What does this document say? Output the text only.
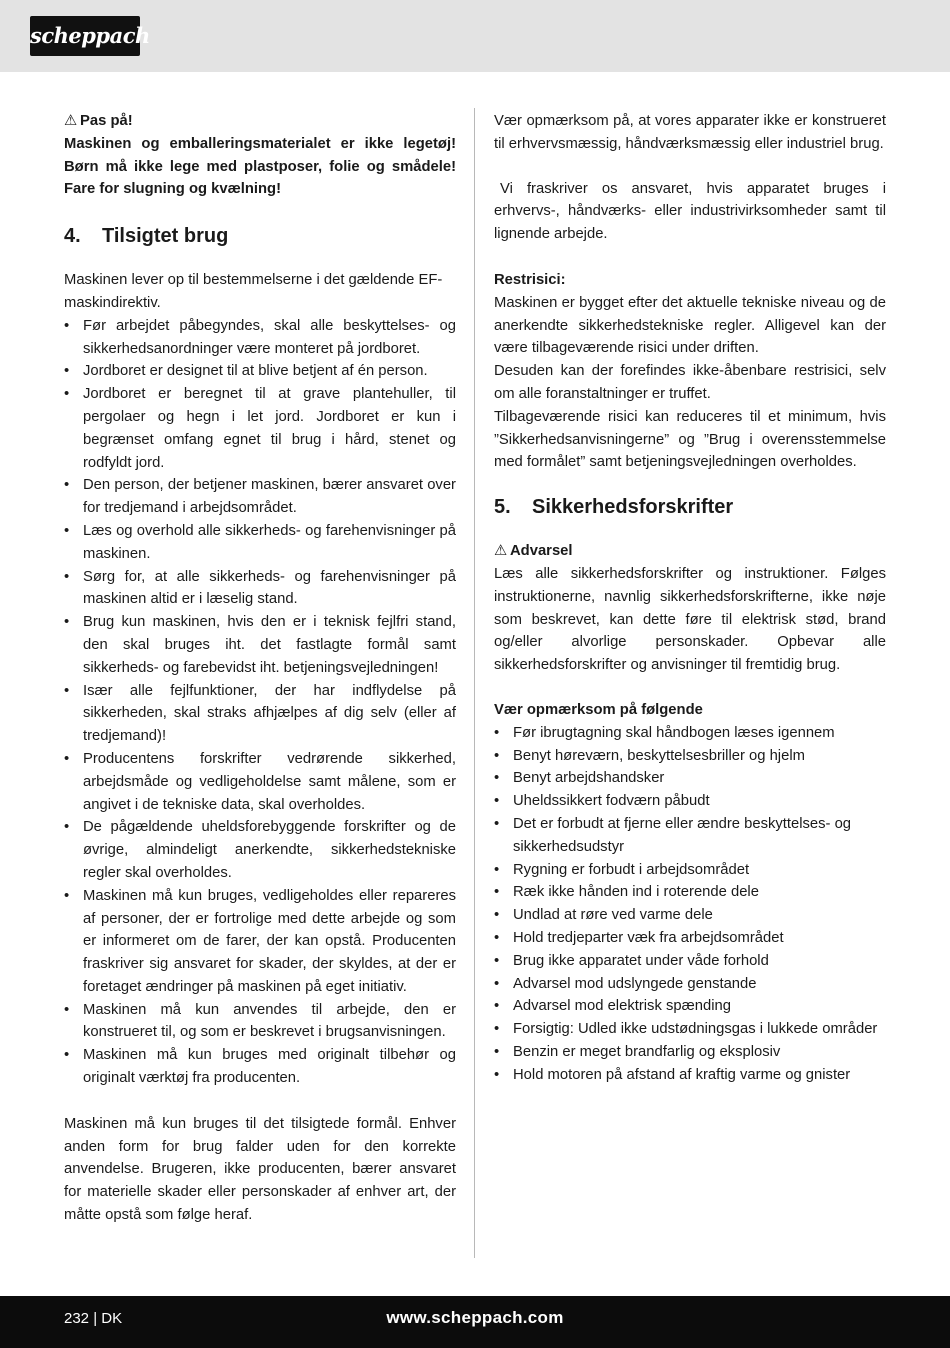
scheppach
⚠ Pas på!

Maskinen og emballeringsmaterialet er ikke legetøj! Børn må ikke lege med plastposer, folie og smådele! Fare for slugning og kvælning!

4. Tilsigtet brug

Maskinen lever op til bestemmelserne i det gældende EF-maskindirektiv.

• Før arbejdet påbegyndes, skal alle beskyttelses- og sikkerhedsanordninger være monteret på jordboret.
• Jordboret er designet til at blive betjent af én person.
• Jordboret er beregnet til at grave plantehuller, til pergolaer og hegn i let jord. Jordboret er kun i begrænset omfang egnet til brug i hård, stenet og rodfyldt jord.
• Den person, der betjener maskinen, bærer ansvaret over for tredjemand i arbejdsområdet.
• Læs og overhold alle sikkerheds- og farehenvisninger på maskinen.
• Sørg for, at alle sikkerheds- og farehenvisninger på maskinen altid er i læselig stand.
• Brug kun maskinen, hvis den er i teknisk fejlfri stand, den skal bruges iht. det fastlagte formål samt sikkerheds- og farebevidst iht. betjeningsvejledningen!
• Især alle fejlfunktioner, der har indflydelse på sikkerheden, skal straks afhjælpes af dig selv (eller af tredjemand)!
• Producentens forskrifter vedrørende sikkerhed, arbejdsmåde og vedligeholdelse samt målene, som er angivet i de tekniske data, skal overholdes.
• De pågældende uheldsforebyggende forskrifter og de øvrige, almindeligt anerkendte, sikkerhedstekniske regler skal overholdes.
• Maskinen må kun bruges, vedligeholdes eller repareres af personer, der er fortrolige med dette arbejde og som er informeret om de farer, der kan opstå. Producenten fraskriver sig ansvaret for skader, der skyldes, at der er foretaget ændringer på maskinen på eget initiativ.
• Maskinen må kun anvendes til arbejde, den er konstrueret til, og som er beskrevet i brugsanvisningen.
• Maskinen må kun bruges med originalt tilbehør og originalt værktøj fra producenten.

Maskinen må kun bruges til det tilsigtede formål. Enhver anden form for brug falder uden for den korrekte anvendelse. Brugeren, ikke producenten, bærer ansvaret for materielle skader eller personskader af enhver art, der måtte opstå som følge heraf.

Vær opmærksom på, at vores apparater ikke er konstrueret til erhvervsmæssig, håndværksmæssig eller industriel brug.

Vi fraskriver os ansvaret, hvis apparatet bruges i erhvervs-, håndværks- eller industrivirksomheder samt til lignende arbejde.

Restrisici:

Maskinen er bygget efter det aktuelle tekniske niveau og de anerkendte sikkerhedstekniske regler. Alligevel kan der være tilbageværende risici under driften.

Desuden kan der forefindes ikke-åbenbare restrisici, selv om alle foranstaltninger er truffet.

Tilbageværende risici kan reduceres til et minimum, hvis ”Sikkerhedsanvisningerne” og ”Brug i overensstemmelse med formålet” samt betjeningsvejledningen overholdes.

5. Sikkerhedsforskrifter
⚠ Advarsel

Læs alle sikkerhedsforskrifter og instruktioner. Følges instruktionerne, navnlig sikkerhedsforskrifterne, ikke nøje som beskrevet, kan dette føre til elektrisk stød, brand og/eller alvorlige personskader. Opbevar alle sikkerhedsforskrifter og anvisninger til fremtidig brug.

Vær opmærksom på følgende
• Før ibrugtagning skal håndbogen læses igennem
• Benyt høreværn, beskyttelsesbriller og hjelm
• Benyt arbejdshandsker
• Uheldssikkert fodværn påbudt
• Det er forbudt at fjerne eller ændre beskyttelses- og sikkerhedsudstyr
• Rygning er forbudt i arbejdsområdet
• Ræk ikke hånden ind i roterende dele
• Undlad at røre ved varme dele
• Hold tredjeparter væk fra arbejdsområdet
• Brug ikke apparatet under våde forhold
• Advarsel mod udslyngede genstande
• Advarsel mod elektrisk spænding
• Forsigtig: Udled ikke udstødningsgas i lukkede områder
• Benzin er meget brandfarlig og eksplosiv
• Hold motoren på afstand af kraftig varme og gnister
232 | DK	www.scheppach.com
